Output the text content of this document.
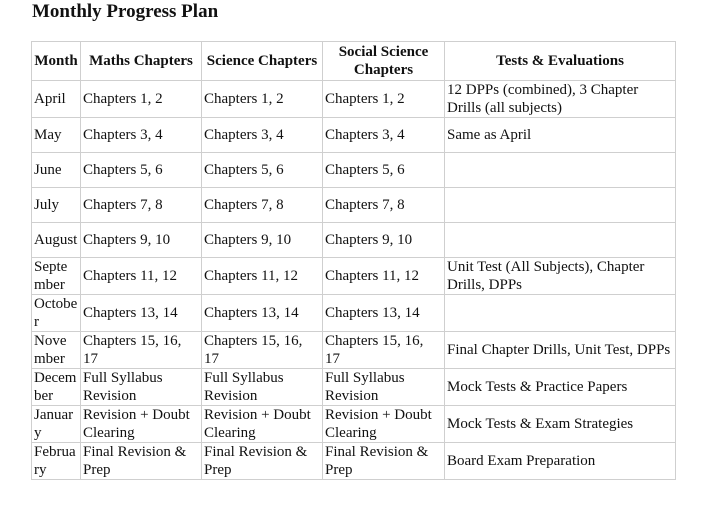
Monthly Progress Plan
Month	Maths Chapters	Science Chapters	Social Science Chapters	Tests & Evaluations
April	Chapters 1, 2	Chapters 1, 2	Chapters 1, 2	12 DPPs (combined), 3 Chapter Drills (all subjects)
May	Chapters 3, 4	Chapters 3, 4	Chapters 3, 4	Same as April
June	Chapters 5, 6	Chapters 5, 6	Chapters 5, 6	
July	Chapters 7, 8	Chapters 7, 8	Chapters 7, 8	
August	Chapters 9, 10	Chapters 9, 10	Chapters 9, 10	
September	Chapters 11, 12	Chapters 11, 12	Chapters 11, 12	Unit Test (All Subjects), Chapter Drills, DPPs
October	Chapters 13, 14	Chapters 13, 14	Chapters 13, 14	
November	Chapters 15, 16, 17	Chapters 15, 16, 17	Chapters 15, 16, 17	Final Chapter Drills, Unit Test, DPPs
December	Full Syllabus Revision	Full Syllabus Revision	Full Syllabus Revision	Mock Tests & Practice Papers
January	Revision + Doubt Clearing	Revision + Doubt Clearing	Revision + Doubt Clearing	Mock Tests & Exam Strategies
February	Final Revision & Prep	Final Revision & Prep	Final Revision & Prep	Board Exam Preparation
